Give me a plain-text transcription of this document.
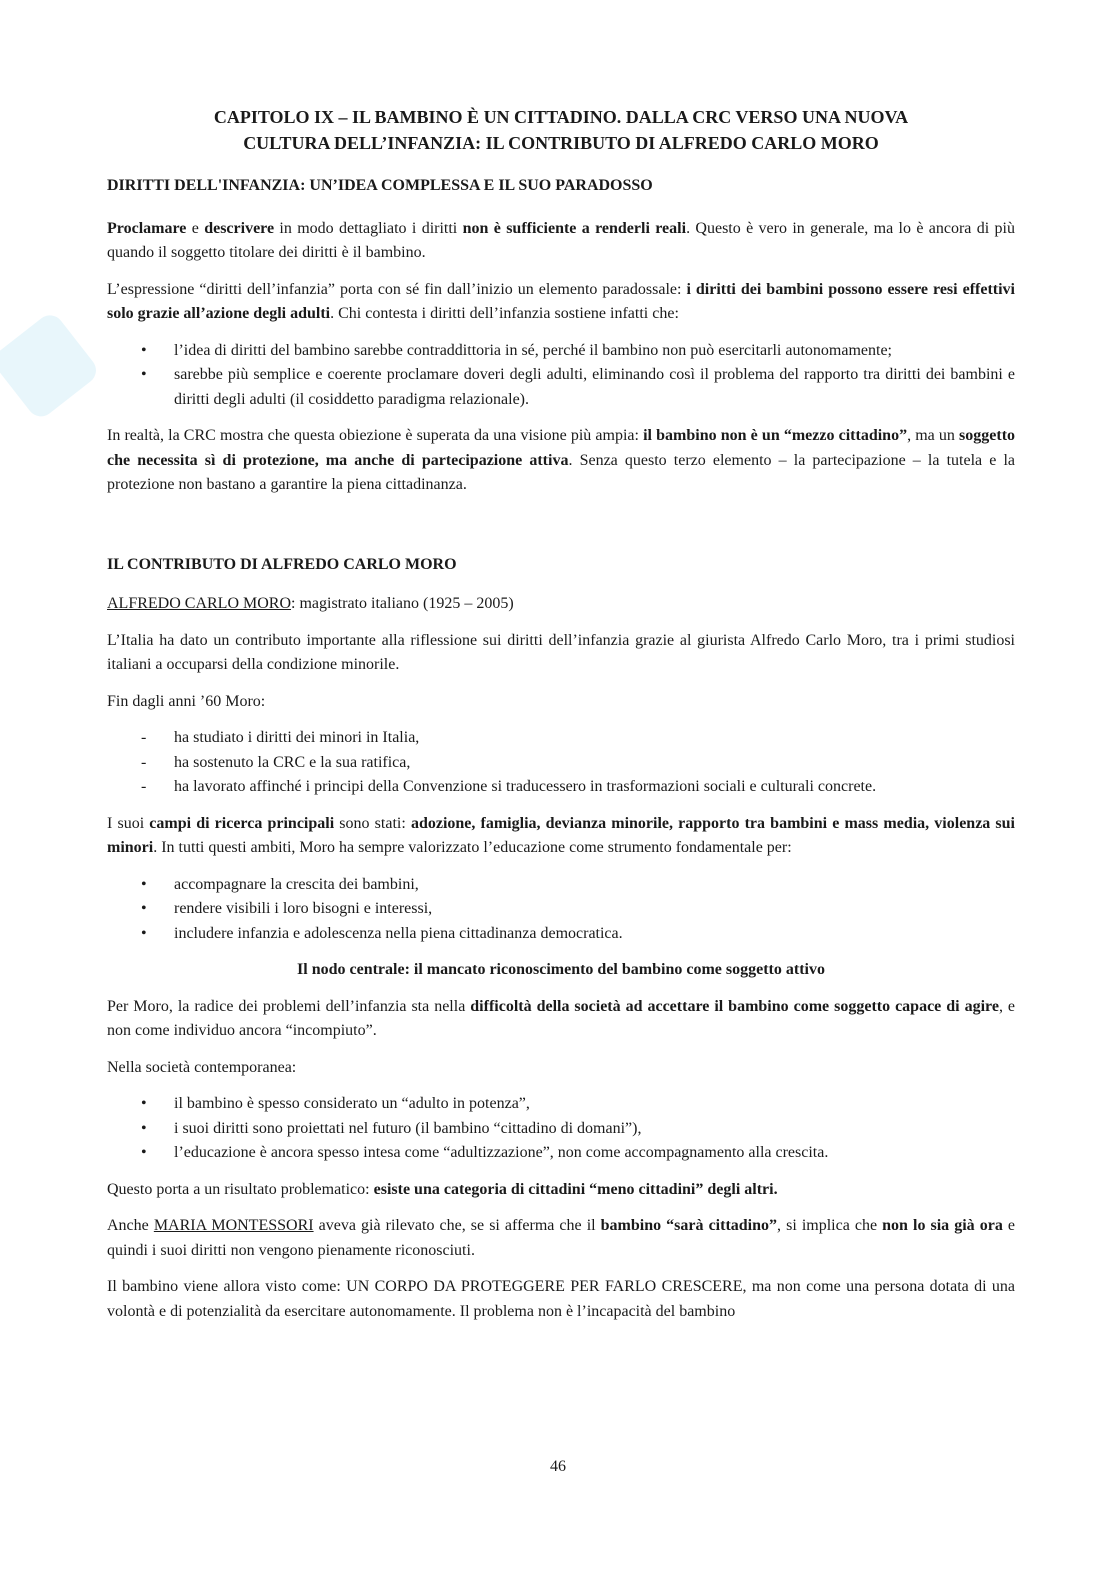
CAPITOLO IX – IL BAMBINO È UN CITTADINO. DALLA CRC VERSO UNA NUOVA
CULTURA DELL’INFANZIA: IL CONTRIBUTO DI ALFREDO CARLO MORO
DIRITTI DELL'INFANZIA: UN’IDEA COMPLESSA E IL SUO PARADOSSO

Proclamare e descrivere in modo dettagliato i diritti non è sufficiente a renderli reali. Questo è vero in generale, ma lo è ancora di più quando il soggetto titolare dei diritti è il bambino.

L’espressione “diritti dell’infanzia” porta con sé fin dall’inizio un elemento paradossale: i diritti dei bambini possono essere resi effettivi solo grazie all’azione degli adulti. Chi contesta i diritti dell’infanzia sostiene infatti che:

• l’idea di diritti del bambino sarebbe contraddittoria in sé, perché il bambino non può esercitarli autonomamente;
• sarebbe più semplice e coerente proclamare doveri degli adulti, eliminando così il problema del rapporto tra diritti dei bambini e diritti degli adulti (il cosiddetto paradigma relazionale).

In realtà, la CRC mostra che questa obiezione è superata da una visione più ampia: il bambino non è un “mezzo cittadino”, ma un soggetto che necessita sì di protezione, ma anche di partecipazione attiva. Senza questo terzo elemento – la partecipazione – la tutela e la protezione non bastano a garantire la piena cittadinanza.

IL CONTRIBUTO DI ALFREDO CARLO MORO

ALFREDO CARLO MORO: magistrato italiano (1925 – 2005)

L’Italia ha dato un contributo importante alla riflessione sui diritti dell’infanzia grazie al giurista Alfredo Carlo Moro, tra i primi studiosi italiani a occuparsi della condizione minorile.

Fin dagli anni ’60 Moro:

- ha studiato i diritti dei minori in Italia,
- ha sostenuto la CRC e la sua ratifica,
- ha lavorato affinché i principi della Convenzione si traducessero in trasformazioni sociali e culturali concrete.

I suoi campi di ricerca principali sono stati: adozione, famiglia, devianza minorile, rapporto tra bambini e mass media, violenza sui minori. In tutti questi ambiti, Moro ha sempre valorizzato l’educazione come strumento fondamentale per:

• accompagnare la crescita dei bambini,
• rendere visibili i loro bisogni e interessi,
• includere infanzia e adolescenza nella piena cittadinanza democratica.

Il nodo centrale: il mancato riconoscimento del bambino come soggetto attivo

Per Moro, la radice dei problemi dell’infanzia sta nella difficoltà della società ad accettare il bambino come soggetto capace di agire, e non come individuo ancora “incompiuto”.

Nella società contemporanea:

• il bambino è spesso considerato un “adulto in potenza”,
• i suoi diritti sono proiettati nel futuro (il bambino “cittadino di domani”),
• l’educazione è ancora spesso intesa come “adultizzazione”, non come accompagnamento alla crescita.

Questo porta a un risultato problematico: esiste una categoria di cittadini “meno cittadini” degli altri.

Anche MARIA MONTESSORI aveva già rilevato che, se si afferma che il bambino “sarà cittadino”, si implica che non lo sia già ora e quindi i suoi diritti non vengono pienamente riconosciuti.

Il bambino viene allora visto come: UN CORPO DA PROTEGGERE PER FARLO CRESCERE, ma non come una persona dotata di una volontà e di potenzialità da esercitare autonomamente. Il problema non è l’incapacità del bambino

46
